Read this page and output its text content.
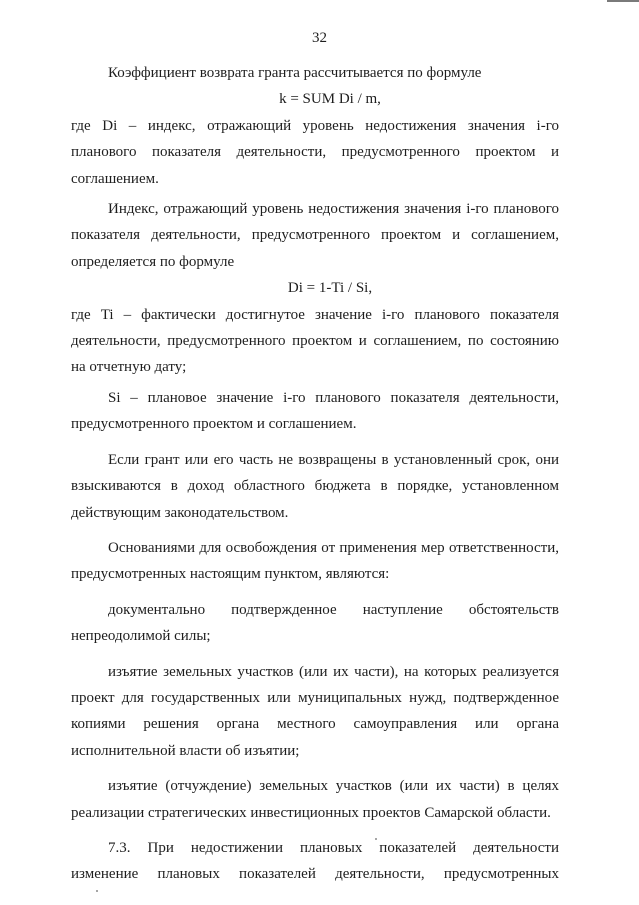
32

Коэффициент возврата гранта рассчитывается по формуле

k = SUM Di / m,

где Di – индекс, отражающий уровень недостижения значения i-го планового показателя деятельности, предусмотренного проектом и соглашением.

Индекс, отражающий уровень недостижения значения i-го планового показателя деятельности, предусмотренного проектом и соглашением, определяется по формуле

Di = 1-Ti / Si,

где Ti – фактически достигнутое значение i-го планового показателя деятельности, предусмотренного проектом и соглашением, по состоянию на отчетную дату;

Si – плановое значение i-го планового показателя деятельности, предусмотренного проектом и соглашением.

Если грант или его часть не возвращены в установленный срок, они взыскиваются в доход областного бюджета в порядке, установленном действующим законодательством.

Основаниями для освобождения от применения мер ответственности, предусмотренных настоящим пунктом, являются:

документально подтвержденное наступление обстоятельств непреодолимой силы;

изъятие земельных участков (или их части), на которых реализуется проект для государственных или муниципальных нужд, подтвержденное копиями решения органа местного самоуправления или органа исполнительной власти об изъятии;

изъятие (отчуждение) земельных участков (или их части) в целях реализации стратегических инвестиционных проектов Самарской области.

7.3. При недостижении плановых показателей деятельности изменение плановых показателей деятельности, предусмотренных
